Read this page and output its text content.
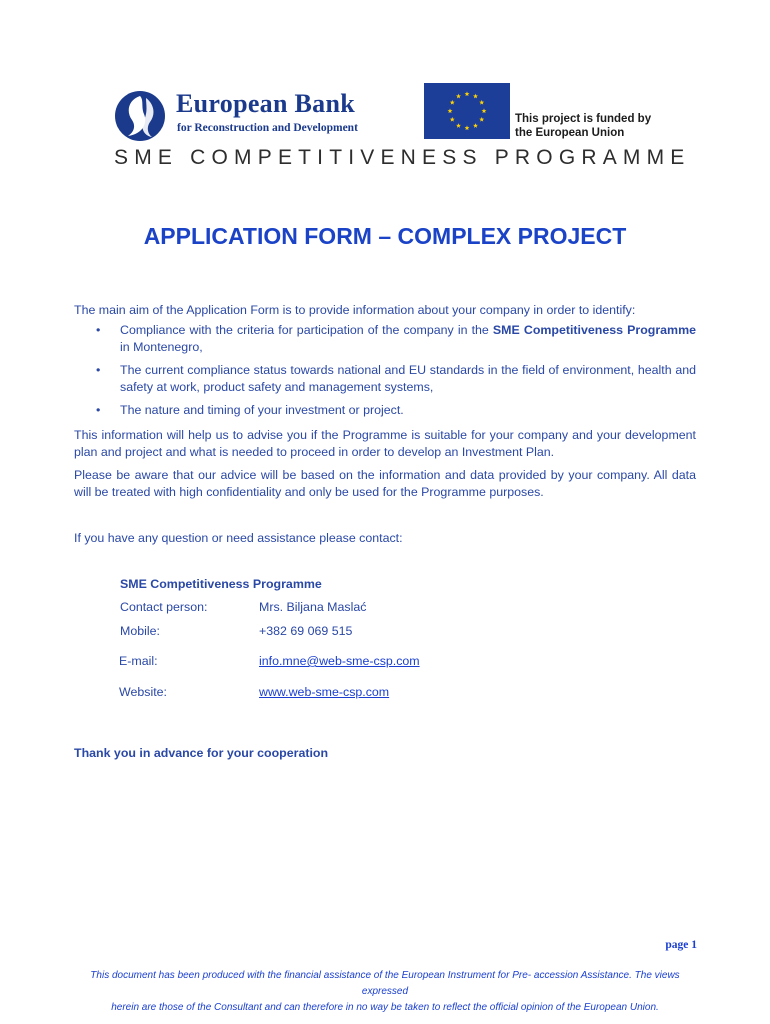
European Bank
for Reconstruction and Development
This project is funded by
the European Union
SME COMPETITIVENESS PROGRAMME
APPLICATION FORM – COMPLEX PROJECT
The main aim of the Application Form is to provide information about your company in order to identify:
• Compliance with the criteria for participation of the company in the SME Competitiveness Programme in Montenegro,
• The current compliance status towards national and EU standards in the field of environment, health and safety at work, product safety and management systems,
• The nature and timing of your investment or project.
This information will help us to advise you if the Programme is suitable for your company and your development plan and project and what is needed to proceed in order to develop an Investment Plan.
Please be aware that our advice will be based on the information and data provided by your company. All data will be treated with high confidentiality and only be used for the Programme purposes.
If you have any question or need assistance please contact:
SME Competitiveness Programme
Contact person:	Mrs. Biljana Maslać
Mobile:	+382 69 069 515
E-mail:	info.mne@web-sme-csp.com
Website:	www.web-sme-csp.com
Thank you in advance for your cooperation
page 1
This document has been produced with the financial assistance of the European Instrument for Pre- accession Assistance. The views expressed
herein are those of the Consultant and can therefore in no way be taken to reflect the official opinion of the European Union.
